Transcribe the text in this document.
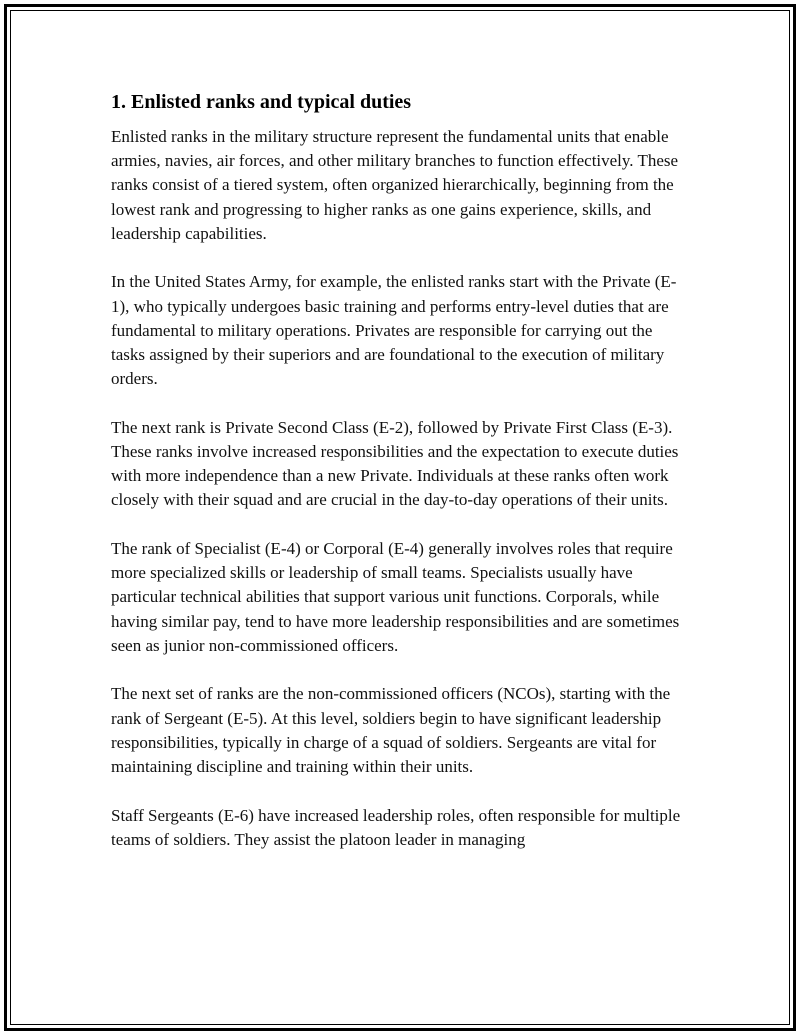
1. Enlisted ranks and typical duties

Enlisted ranks in the military structure represent the fundamental units that enable armies, navies, air forces, and other military branches to function effectively. These ranks consist of a tiered system, often organized hierarchically, beginning from the lowest rank and progressing to higher ranks as one gains experience, skills, and leadership capabilities.

In the United States Army, for example, the enlisted ranks start with the Private (E-1), who typically undergoes basic training and performs entry-level duties that are fundamental to military operations. Privates are responsible for carrying out the tasks assigned by their superiors and are foundational to the execution of military orders.

The next rank is Private Second Class (E-2), followed by Private First Class (E-3). These ranks involve increased responsibilities and the expectation to execute duties with more independence than a new Private. Individuals at these ranks often work closely with their squad and are crucial in the day-to-day operations of their units.

The rank of Specialist (E-4) or Corporal (E-4) generally involves roles that require more specialized skills or leadership of small teams. Specialists usually have particular technical abilities that support various unit functions. Corporals, while having similar pay, tend to have more leadership responsibilities and are sometimes seen as junior non-commissioned officers.

The next set of ranks are the non-commissioned officers (NCOs), starting with the rank of Sergeant (E-5). At this level, soldiers begin to have significant leadership responsibilities, typically in charge of a squad of soldiers. Sergeants are vital for maintaining discipline and training within their units.

Staff Sergeants (E-6) have increased leadership roles, often responsible for multiple teams of soldiers. They assist the platoon leader in managing
